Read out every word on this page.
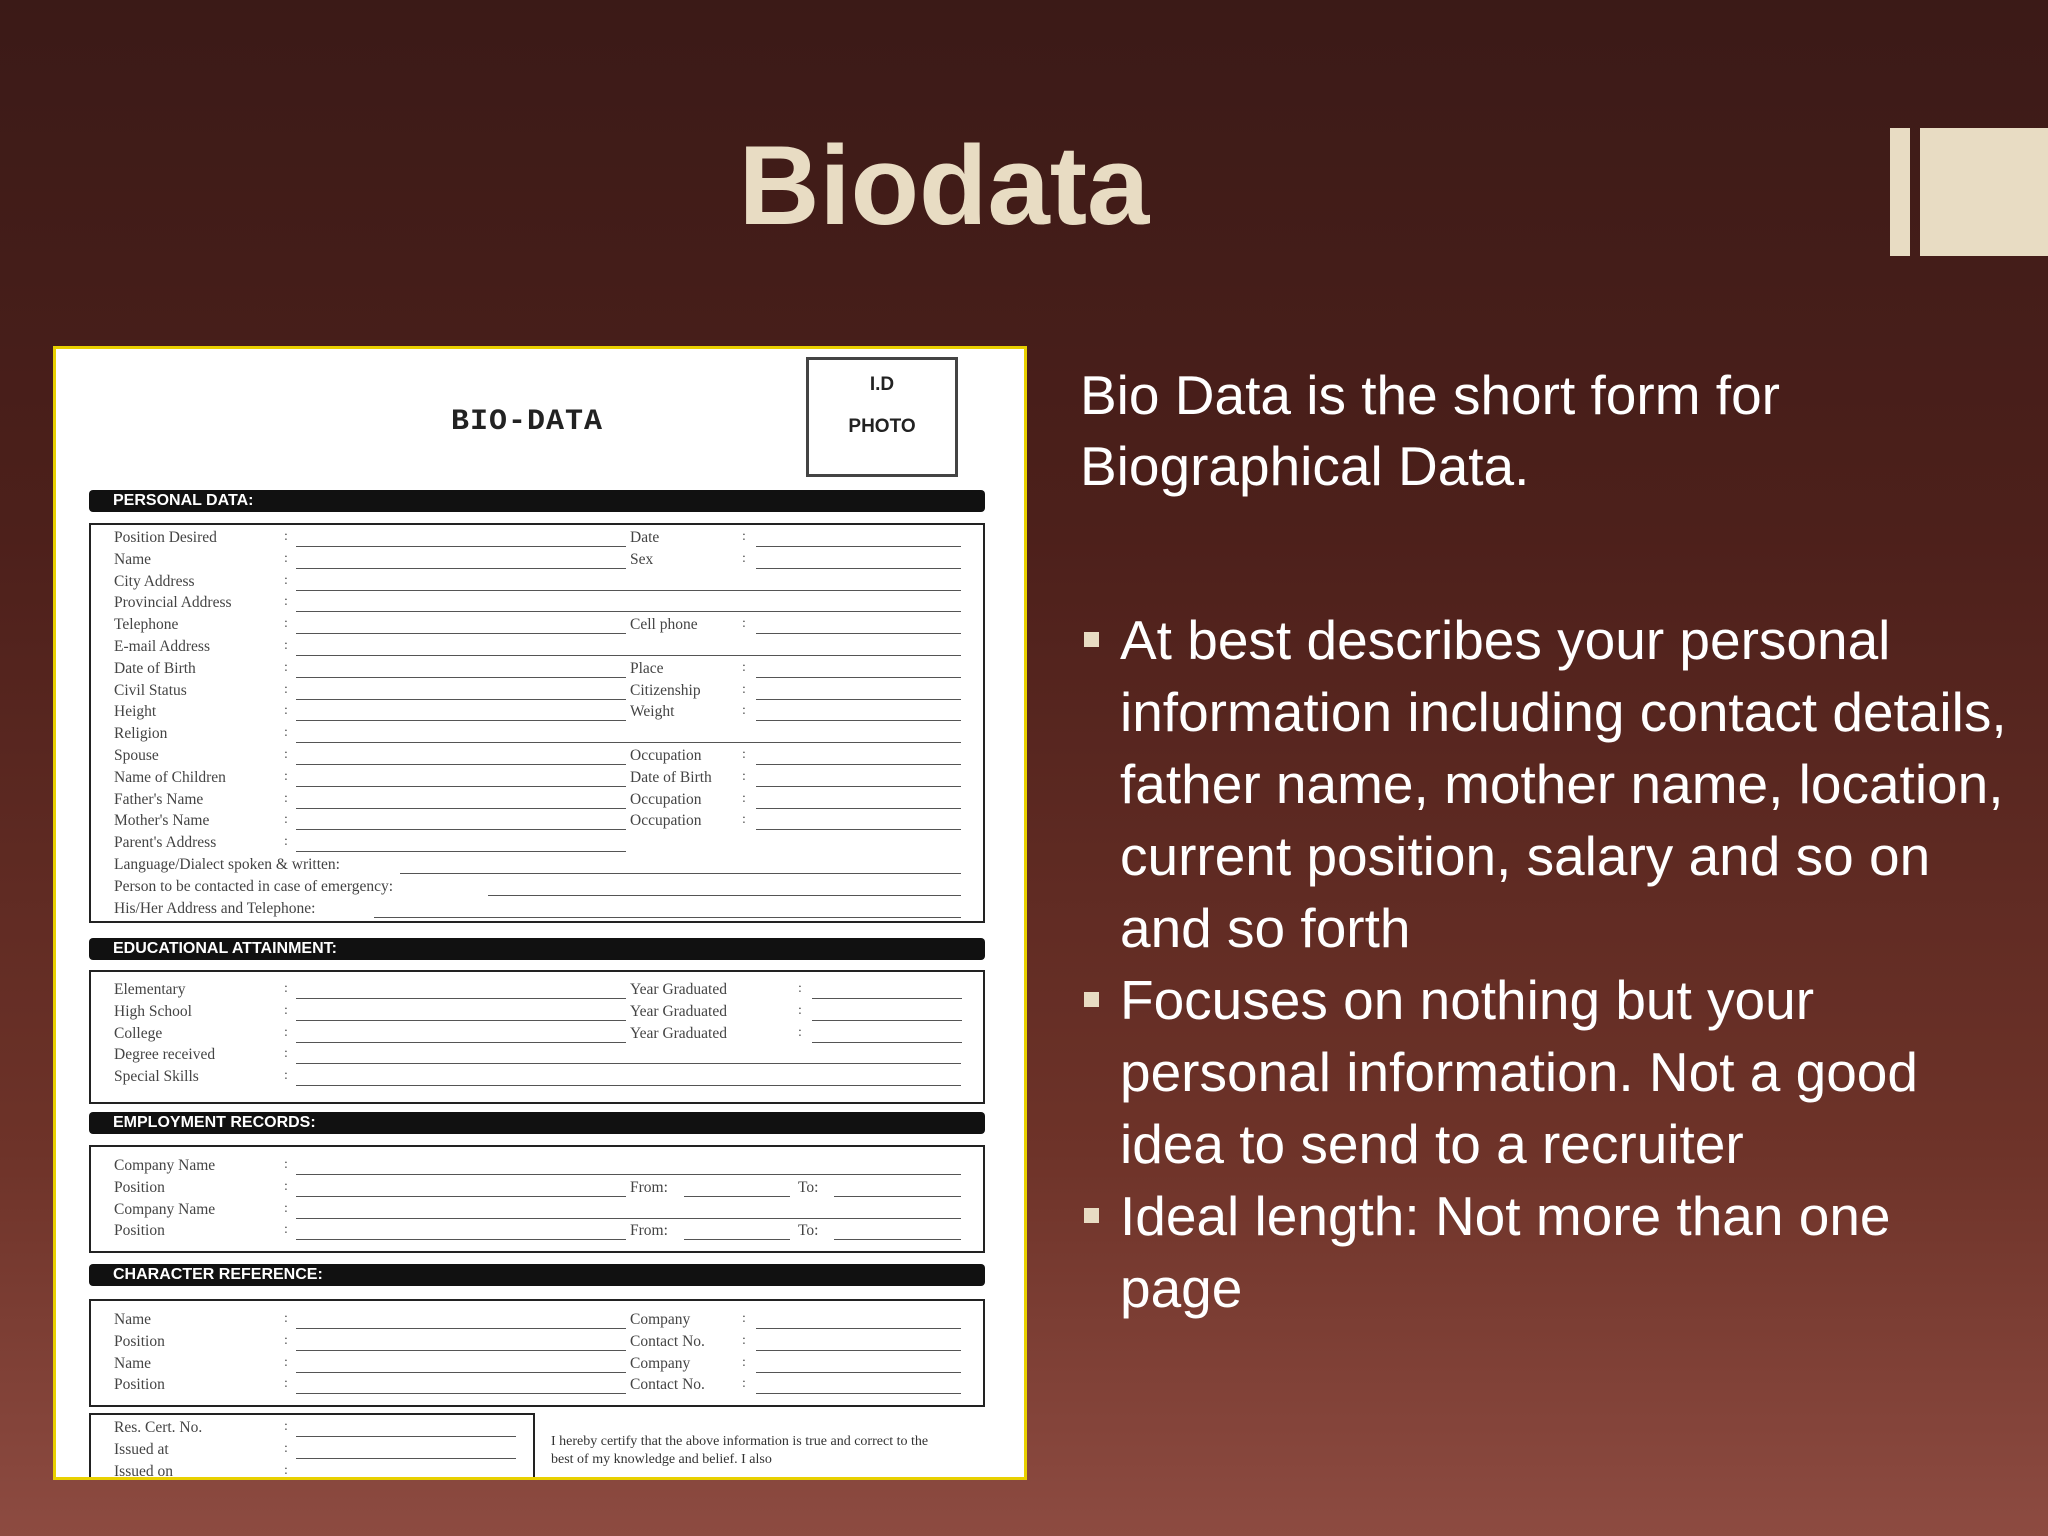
Biodata
BIO-DATA
I.D
PHOTO
PERSONAL DATA:
EDUCATIONAL ATTAINMENT:
EMPLOYMENT RECORDS:
CHARACTER REFERENCE:
I hereby certify that the above information is true and correct to the best of my knowledge and belief. I also
Position Desired	:	Date	:
Name	:	Sex	:
City Address	:
Provincial Address	:
Telephone	:	Cell phone	:
E-mail Address	:
Date of Birth	:	Place	:
Civil Status	:	Citizenship	:
Height	:	Weight	:
Religion	:
Spouse	:	Occupation	:
Name of Children	:	Date of Birth :
Father's Name	:	Occupation	:
Mother's Name	:	Occupation	:
Parent's Address	:
Language/Dialect spoken & written:
Person to be contacted in case of emergency:
His/Her Address and Telephone:
Elementary	:	Year Graduated	:
High School	:	Year Graduated	:
College	:	Year Graduated	:
Degree received	:
Special Skills	:
Company Name	:
Position	:	From:	To:
Company Name	:
Position	:	From:	To:
Name	:	Company	:
Position	:	Contact No.	:
Name	:	Company	:
Position	:	Contact No.	:
Res. Cert. No.	:
Issued at	:
Issued on	:
Bio Data is the short form for Biographical Data.
At best describes your personal information including contact details, father name, mother name, location, current position, salary and so on and so forth
Focuses on nothing but your personal information. Not a good idea to send to a recruiter
Ideal length: Not more than one page
